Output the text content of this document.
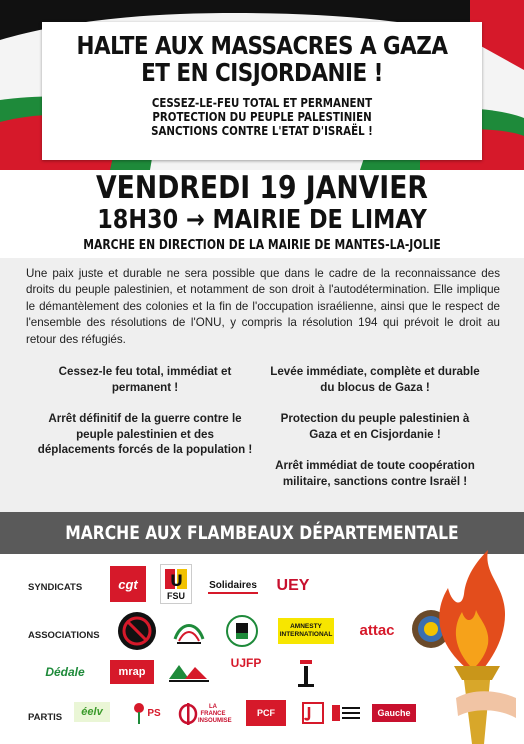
HALTE AUX MASSACRES A GAZA
ET EN CISJORDANIE !
CESSEZ-LE-FEU TOTAL ET PERMANENT
PROTECTION DU PEUPLE PALESTINIEN
SANCTIONS CONTRE L'ETAT D'ISRAËL !
VENDREDI 19 JANVIER
18H30 → MAIRIE DE LIMAY
MARCHE EN DIRECTION DE LA MAIRIE DE MANTES-LA-JOLIE

Une paix juste et durable ne sera possible que dans le cadre de la reconnaissance des droits du peuple palestinien, et notamment de son droit à l'autodétermination. Elle implique le démantèlement des colonies et la fin de l'occupation israélienne, ainsi que le respect de l'ensemble des résolutions de l'ONU, y compris la résolution 194 qui prévoit le droit au retour des réfugiés.

Cessez-le feu total, immédiat et permanent !
Arrêt définitif de la guerre contre le peuple palestinien et des déplacements forcés de la population !
Levée immédiate, complète et durable du blocus de Gaza !
Protection du peuple palestinien à Gaza et en Cisjordanie !
Arrêt immédiat de toute coopération militaire, sanctions contre Israël !
MARCHE AUX FLAMBEAUX DÉPARTEMENTALE
SYNDICATS
ASSOCIATIONS
PARTIS
cgt	U
FSU
Solidaires	UEY
AMNESTY INTERNATIONAL	attac
Dédale	mrap
UJFP
éelv	PS
LA FRANCE INSOUMISE
PCF	Gauche
